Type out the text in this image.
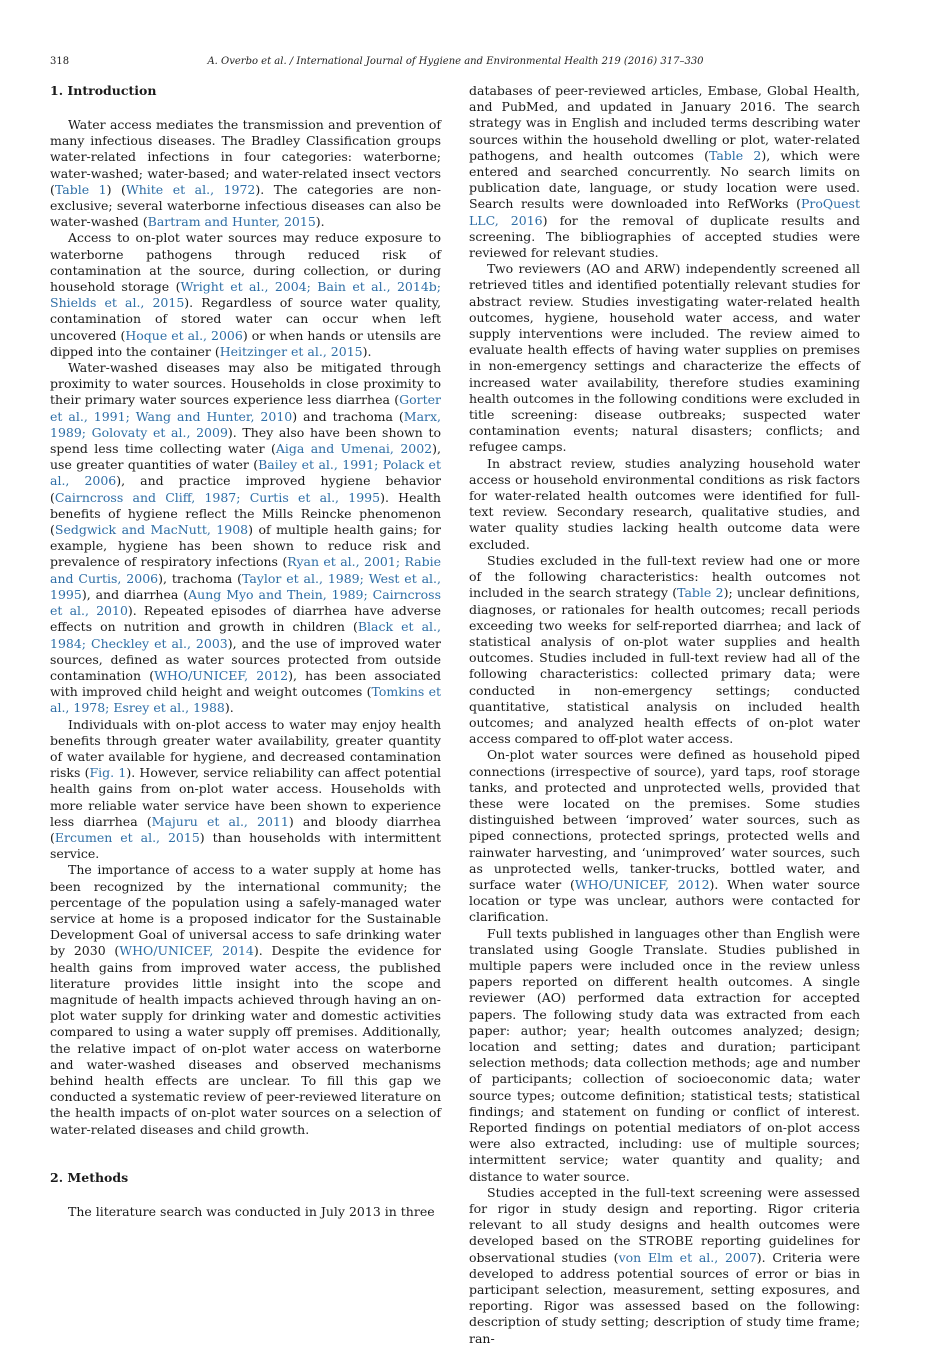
318	A. Overbo et al. / International Journal of Hygiene and Environmental Health 219 (2016) 317–330
1. Introduction

Water access mediates the transmission and prevention of many infectious diseases. The Bradley Classification groups water-related infections in four categories: waterborne; water-washed; water-based; and water-related insect vectors (Table 1) (White et al., 1972). The categories are non-exclusive; several waterborne infectious diseases can also be water-washed (Bartram and Hunter, 2015).

Access to on-plot water sources may reduce exposure to waterborne pathogens through reduced risk of contamination at the source, during collection, or during household storage (Wright et al., 2004; Bain et al., 2014b; Shields et al., 2015). Regardless of source water quality, contamination of stored water can occur when left uncovered (Hoque et al., 2006) or when hands or utensils are dipped into the container (Heitzinger et al., 2015).

Water-washed diseases may also be mitigated through proximity to water sources. Households in close proximity to their primary water sources experience less diarrhea (Gorter et al., 1991; Wang and Hunter, 2010) and trachoma (Marx, 1989; Golovaty et al., 2009). They also have been shown to spend less time collecting water (Aiga and Umenai, 2002), use greater quantities of water (Bailey et al., 1991; Polack et al., 2006), and practice improved hygiene behavior (Cairncross and Cliff, 1987; Curtis et al., 1995). Health benefits of hygiene reflect the Mills Reincke phenomenon (Sedgwick and MacNutt, 1908) of multiple health gains; for example, hygiene has been shown to reduce risk and prevalence of respiratory infections (Ryan et al., 2001; Rabie and Curtis, 2006), trachoma (Taylor et al., 1989; West et al., 1995), and diarrhea (Aung Myo and Thein, 1989; Cairncross et al., 2010). Repeated episodes of diarrhea have adverse effects on nutrition and growth in children (Black et al., 1984; Checkley et al., 2003), and the use of improved water sources, defined as water sources protected from outside contamination (WHO/UNICEF, 2012), has been associated with improved child height and weight outcomes (Tomkins et al., 1978; Esrey et al., 1988).

Individuals with on-plot access to water may enjoy health benefits through greater water availability, greater quantity of water available for hygiene, and decreased contamination risks (Fig. 1). However, service reliability can affect potential health gains from on-plot water access. Households with more reliable water service have been shown to experience less diarrhea (Majuru et al., 2011) and bloody diarrhea (Ercumen et al., 2015) than households with intermittent service.

The importance of access to a water supply at home has been recognized by the international community; the percentage of the population using a safely-managed water service at home is a proposed indicator for the Sustainable Development Goal of universal access to safe drinking water by 2030 (WHO/UNICEF, 2014). Despite the evidence for health gains from improved water access, the published literature provides little insight into the scope and magnitude of health impacts achieved through having an on-plot water supply for drinking water and domestic activities compared to using a water supply off premises. Additionally, the relative impact of on-plot water access on waterborne and water-washed diseases and observed mechanisms behind health effects are unclear. To fill this gap we conducted a systematic review of peer-reviewed literature on the health impacts of on-plot water sources on a selection of water-related diseases and child growth.

2. Methods

The literature search was conducted in July 2013 in three

databases of peer-reviewed articles, Embase, Global Health, and PubMed, and updated in January 2016. The search strategy was in English and included terms describing water sources within the household dwelling or plot, water-related pathogens, and health outcomes (Table 2), which were entered and searched concurrently. No search limits on publication date, language, or study location were used. Search results were downloaded into RefWorks (ProQuest LLC, 2016) for the removal of duplicate results and screening. The bibliographies of accepted studies were reviewed for relevant studies.

Two reviewers (AO and ARW) independently screened all retrieved titles and identified potentially relevant studies for abstract review. Studies investigating water-related health outcomes, hygiene, household water access, and water supply interventions were included. The review aimed to evaluate health effects of having water supplies on premises in non-emergency settings and characterize the effects of increased water availability, therefore studies examining health outcomes in the following conditions were excluded in title screening: disease outbreaks; suspected water contamination events; natural disasters; conflicts; and refugee camps.

In abstract review, studies analyzing household water access or household environmental conditions as risk factors for water-related health outcomes were identified for full-text review. Secondary research, qualitative studies, and water quality studies lacking health outcome data were excluded.

Studies excluded in the full-text review had one or more of the following characteristics: health outcomes not included in the search strategy (Table 2); unclear definitions, diagnoses, or rationales for health outcomes; recall periods exceeding two weeks for self-reported diarrhea; and lack of statistical analysis of on-plot water supplies and health outcomes. Studies included in full-text review had all of the following characteristics: collected primary data; were conducted in non-emergency settings; conducted quantitative, statistical analysis on included health outcomes; and analyzed health effects of on-plot water access compared to off-plot water access.

On-plot water sources were defined as household piped connections (irrespective of source), yard taps, roof storage tanks, and protected and unprotected wells, provided that these were located on the premises. Some studies distinguished between ‘improved’ water sources, such as piped connections, protected springs, protected wells and rainwater harvesting, and ‘unimproved’ water sources, such as unprotected wells, tanker-trucks, bottled water, and surface water (WHO/UNICEF, 2012). When water source location or type was unclear, authors were contacted for clarification.

Full texts published in languages other than English were translated using Google Translate. Studies published in multiple papers were included once in the review unless papers reported on different health outcomes. A single reviewer (AO) performed data extraction for accepted papers. The following study data was extracted from each paper: author; year; health outcomes analyzed; design; location and setting; dates and duration; participant selection methods; data collection methods; age and number of participants; collection of socioeconomic data; water source types; outcome definition; statistical tests; statistical findings; and statement on funding or conflict of interest. Reported findings on potential mediators of on-plot access were also extracted, including: use of multiple sources; intermittent service; water quantity and quality; and distance to water source.

Studies accepted in the full-text screening were assessed for rigor in study design and reporting. Rigor criteria relevant to all study designs and health outcomes were developed based on the STROBE reporting guidelines for observational studies (von Elm et al., 2007). Criteria were developed to address potential sources of error or bias in participant selection, measurement, setting exposures, and reporting. Rigor was assessed based on the following: description of study setting; description of study time frame; ran-
